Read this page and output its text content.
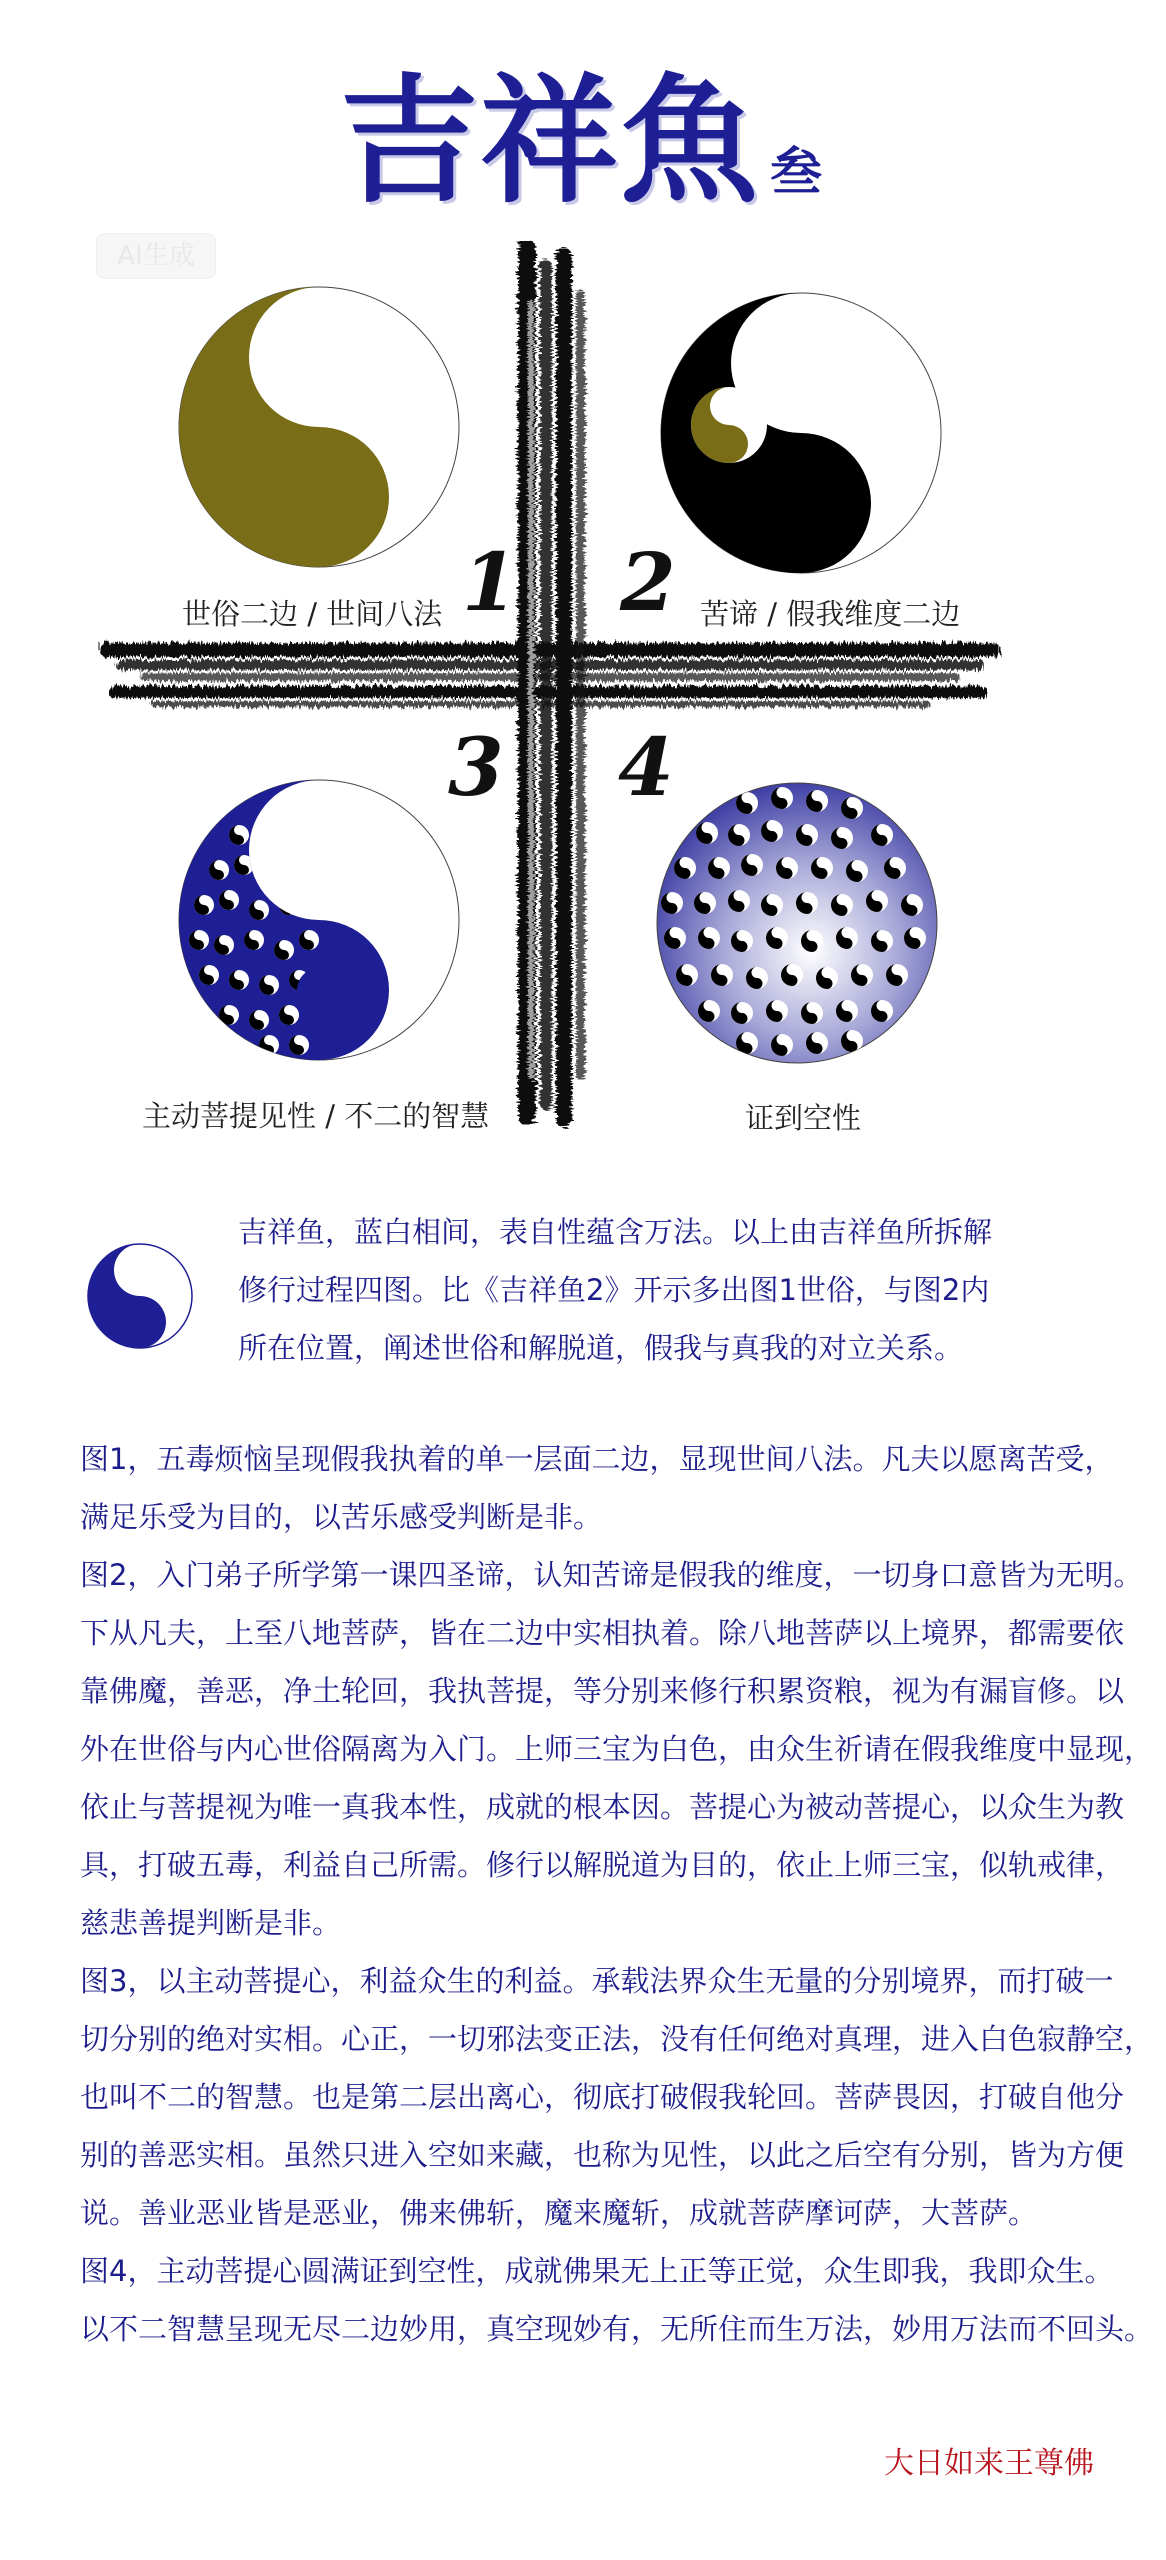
吉祥魚 叁
AI生成
1 2
3 4
世俗二边 / 世间八法	苦谛 / 假我维度二边
主动菩提见性 / 不二的智慧	证到空性
吉祥鱼，蓝白相间，表自性蕴含万法。以上由吉祥鱼所拆解
修行过程四图。比《吉祥鱼2》开示多出图1世俗，与图2内
所在位置，阐述世俗和解脱道，假我与真我的对立关系。
图1，五毒烦恼呈现假我执着的单一层面二边，显现世间八法。凡夫以愿离苦受，
满足乐受为目的，以苦乐感受判断是非。
图2，入门弟子所学第一课四圣谛，认知苦谛是假我的维度，一切身口意皆为无明。
下从凡夫，上至八地菩萨，皆在二边中实相执着。除八地菩萨以上境界，都需要依
靠佛魔，善恶，净土轮回，我执菩提，等分别来修行积累资粮，视为有漏盲修。以
外在世俗与内心世俗隔离为入门。上师三宝为白色，由众生祈请在假我维度中显现，
依止与菩提视为唯一真我本性，成就的根本因。菩提心为被动菩提心，以众生为教
具，打破五毒，利益自己所需。修行以解脱道为目的，依止上师三宝，似轨戒律，
慈悲善提判断是非。
图3，以主动菩提心，利益众生的利益。承载法界众生无量的分别境界，而打破一
切分别的绝对实相。心正，一切邪法变正法，没有任何绝对真理，进入白色寂静空，
也叫不二的智慧。也是第二层出离心，彻底打破假我轮回。菩萨畏因，打破自他分
别的善恶实相。虽然只进入空如来藏，也称为见性，以此之后空有分别，皆为方便
说。善业恶业皆是恶业，佛来佛斩，魔来魔斩，成就菩萨摩诃萨，大菩萨。
图4，主动菩提心圆满证到空性，成就佛果无上正等正觉，众生即我，我即众生。
以不二智慧呈现无尽二边妙用，真空现妙有，无所住而生万法，妙用万法而不回头。
大日如来王尊佛
